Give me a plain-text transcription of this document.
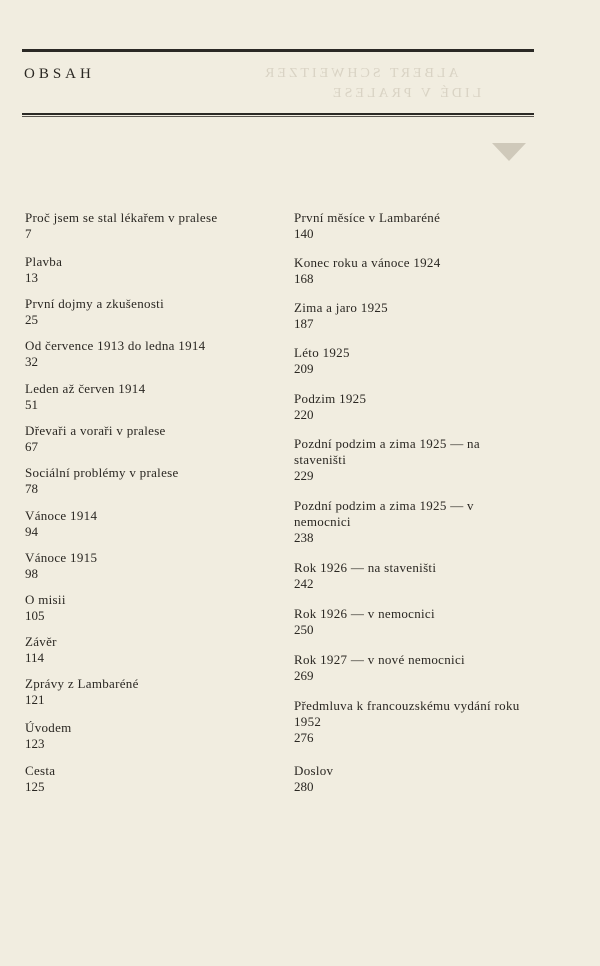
ALBERT SCHWEITZER
LIDÉ V PRALESE
OBSAH
Proč jsem se stal lékařem v pralese
7
Plavba
13
První dojmy a zkušenosti
25
Od července 1913 do ledna 1914
32
Leden až červen 1914
51
Dřevaři a voraři v pralese
67
Sociální problémy v pralese
78
Vánoce 1914
94
Vánoce 1915
98
O misii
105
Závěr
114
Zprávy z Lambaréné
121
Úvodem
123
Cesta
125
První měsíce v Lambaréné
140
Konec roku a vánoce 1924
168
Zima a jaro 1925
187
Léto 1925
209
Podzim 1925
220
Pozdní podzim a zima 1925 — na staveništi
229
Pozdní podzim a zima 1925 — v nemocnici
238
Rok 1926 — na staveništi
242
Rok 1926 — v nemocnici
250
Rok 1927 — v nové nemocnici
269
Předmluva k francouzskému vydání roku 1952
276
Doslov
280
